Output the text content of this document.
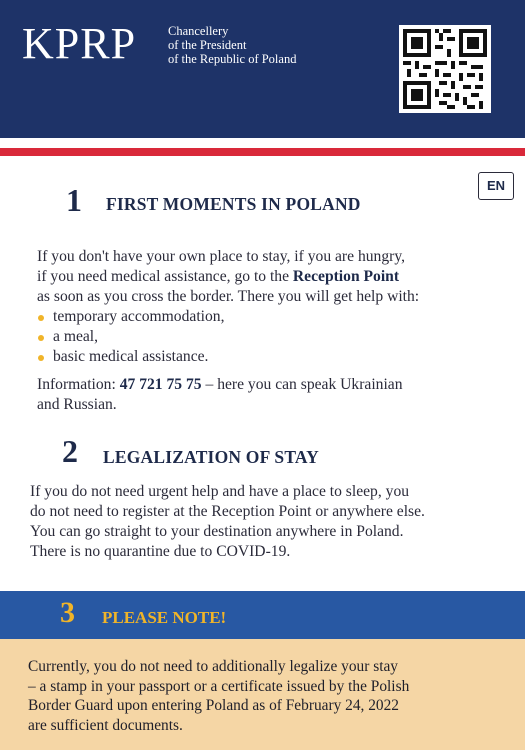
KPRP	Chancellery
of the President
of the Republic of Poland
EN
1 FIRST MOMENTS IN POLAND
If you don't have your own place to stay, if you are hungry,
if you need medical assistance, go to the Reception Point
as soon as you cross the border. There you will get help with:
temporary accommodation,
a meal,
basic medical assistance.
Information: 47 721 75 75 – here you can speak Ukrainian
and Russian.
2 LEGALIZATION OF STAY
If you do not need urgent help and have a place to sleep, you
do not need to register at the Reception Point or anywhere else.
You can go straight to your destination anywhere in Poland.
There is no quarantine due to COVID-19.
3 PLEASE NOTE!
Currently, you do not need to additionally legalize your stay
– a stamp in your passport or a certificate issued by the Polish
Border Guard upon entering Poland as of February 24, 2022
are sufficient documents.
